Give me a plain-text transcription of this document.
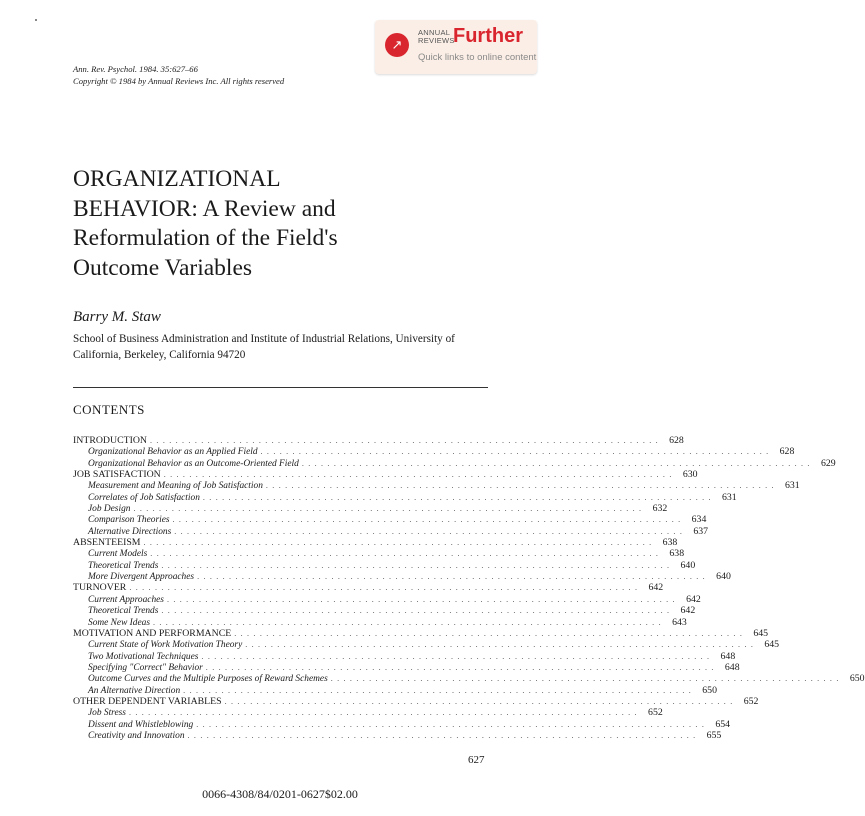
↗
ANNUAL
REVIEWS
Further
Quick links to online content
Ann. Rev. Psychol. 1984. 35:627–66
Copyright © 1984 by Annual Reviews Inc. All rights reserved
ORGANIZATIONAL
BEHAVIOR: A Review and
Reformulation of the Field's
Outcome Variables
Barry M. Staw
School of Business Administration and Institute of Industrial Relations, University of California, Berkeley, California 94720
CONTENTS
INTRODUCTION . . . . . . . . . . . . . . . . . . . . . . . . . . . . . . . . . . . . . . . . . . . . . . . . . . . . . . . . . . . . . . . . . . . . . . . . . . . . . . . .	628
Organizational Behavior as an Applied Field . . . . . . . . . . . . . . . . . . . . . . . . . . . . . . . . . . . . . . . . . . . . . . . . . . . . . . . . . . . . . . . . . . . . . . . . . . . . . . . .	628
Organizational Behavior as an Outcome-Oriented Field . . . . . . . . . . . . . . . . . . . . . . . . . . . . . . . . . . . . . . . . . . . . . . . . . . . . . . . . . . . . . . . . . . . . . . . . . . . . . . . .	629
JOB SATISFACTION . . . . . . . . . . . . . . . . . . . . . . . . . . . . . . . . . . . . . . . . . . . . . . . . . . . . . . . . . . . . . . . . . . . . . . . . . . . . . . . .	630
Measurement and Meaning of Job Satisfaction . . . . . . . . . . . . . . . . . . . . . . . . . . . . . . . . . . . . . . . . . . . . . . . . . . . . . . . . . . . . . . . . . . . . . . . . . . . . . . . .	631
Correlates of Job Satisfaction . . . . . . . . . . . . . . . . . . . . . . . . . . . . . . . . . . . . . . . . . . . . . . . . . . . . . . . . . . . . . . . . . . . . . . . . . . . . . . . .	631
Job Design . . . . . . . . . . . . . . . . . . . . . . . . . . . . . . . . . . . . . . . . . . . . . . . . . . . . . . . . . . . . . . . . . . . . . . . . . . . . . . . .	632
Comparison Theories . . . . . . . . . . . . . . . . . . . . . . . . . . . . . . . . . . . . . . . . . . . . . . . . . . . . . . . . . . . . . . . . . . . . . . . . . . . . . . . .	634
Alternative Directions . . . . . . . . . . . . . . . . . . . . . . . . . . . . . . . . . . . . . . . . . . . . . . . . . . . . . . . . . . . . . . . . . . . . . . . . . . . . . . . .	637
ABSENTEEISM . . . . . . . . . . . . . . . . . . . . . . . . . . . . . . . . . . . . . . . . . . . . . . . . . . . . . . . . . . . . . . . . . . . . . . . . . . . . . . . .	638
Current Models . . . . . . . . . . . . . . . . . . . . . . . . . . . . . . . . . . . . . . . . . . . . . . . . . . . . . . . . . . . . . . . . . . . . . . . . . . . . . . . .	638
Theoretical Trends . . . . . . . . . . . . . . . . . . . . . . . . . . . . . . . . . . . . . . . . . . . . . . . . . . . . . . . . . . . . . . . . . . . . . . . . . . . . . . . .	640
More Divergent Approaches . . . . . . . . . . . . . . . . . . . . . . . . . . . . . . . . . . . . . . . . . . . . . . . . . . . . . . . . . . . . . . . . . . . . . . . . . . . . . . . .	640
TURNOVER . . . . . . . . . . . . . . . . . . . . . . . . . . . . . . . . . . . . . . . . . . . . . . . . . . . . . . . . . . . . . . . . . . . . . . . . . . . . . . . .	642
Current Approaches . . . . . . . . . . . . . . . . . . . . . . . . . . . . . . . . . . . . . . . . . . . . . . . . . . . . . . . . . . . . . . . . . . . . . . . . . . . . . . . .	642
Theoretical Trends . . . . . . . . . . . . . . . . . . . . . . . . . . . . . . . . . . . . . . . . . . . . . . . . . . . . . . . . . . . . . . . . . . . . . . . . . . . . . . . .	642
Some New Ideas . . . . . . . . . . . . . . . . . . . . . . . . . . . . . . . . . . . . . . . . . . . . . . . . . . . . . . . . . . . . . . . . . . . . . . . . . . . . . . . .	643
MOTIVATION AND PERFORMANCE . . . . . . . . . . . . . . . . . . . . . . . . . . . . . . . . . . . . . . . . . . . . . . . . . . . . . . . . . . . . . . . . . . . . . . . . . . . . . . . .	645
Current State of Work Motivation Theory . . . . . . . . . . . . . . . . . . . . . . . . . . . . . . . . . . . . . . . . . . . . . . . . . . . . . . . . . . . . . . . . . . . . . . . . . . . . . . . .	645
Two Motivational Techniques . . . . . . . . . . . . . . . . . . . . . . . . . . . . . . . . . . . . . . . . . . . . . . . . . . . . . . . . . . . . . . . . . . . . . . . . . . . . . . . .	648
Specifying "Correct" Behavior . . . . . . . . . . . . . . . . . . . . . . . . . . . . . . . . . . . . . . . . . . . . . . . . . . . . . . . . . . . . . . . . . . . . . . . . . . . . . . . .	648
Outcome Curves and the Multiple Purposes of Reward Schemes . . . . . . . . . . . . . . . . . . . . . . . . . . . . . . . . . . . . . . . . . . . . . . . . . . . . . . . . . . . . . . . . . . . . . . . . . . . . . . . .	650
An Alternative Direction . . . . . . . . . . . . . . . . . . . . . . . . . . . . . . . . . . . . . . . . . . . . . . . . . . . . . . . . . . . . . . . . . . . . . . . . . . . . . . . .	650
OTHER DEPENDENT VARIABLES . . . . . . . . . . . . . . . . . . . . . . . . . . . . . . . . . . . . . . . . . . . . . . . . . . . . . . . . . . . . . . . . . . . . . . . . . . . . . . . .	652
Job Stress . . . . . . . . . . . . . . . . . . . . . . . . . . . . . . . . . . . . . . . . . . . . . . . . . . . . . . . . . . . . . . . . . . . . . . . . . . . . . . . .	652
Dissent and Whistleblowing . . . . . . . . . . . . . . . . . . . . . . . . . . . . . . . . . . . . . . . . . . . . . . . . . . . . . . . . . . . . . . . . . . . . . . . . . . . . . . . .	654
Creativity and Innovation . . . . . . . . . . . . . . . . . . . . . . . . . . . . . . . . . . . . . . . . . . . . . . . . . . . . . . . . . . . . . . . . . . . . . . . . . . . . . . . .	655
627
0066-4308/84/0201-0627$02.00
